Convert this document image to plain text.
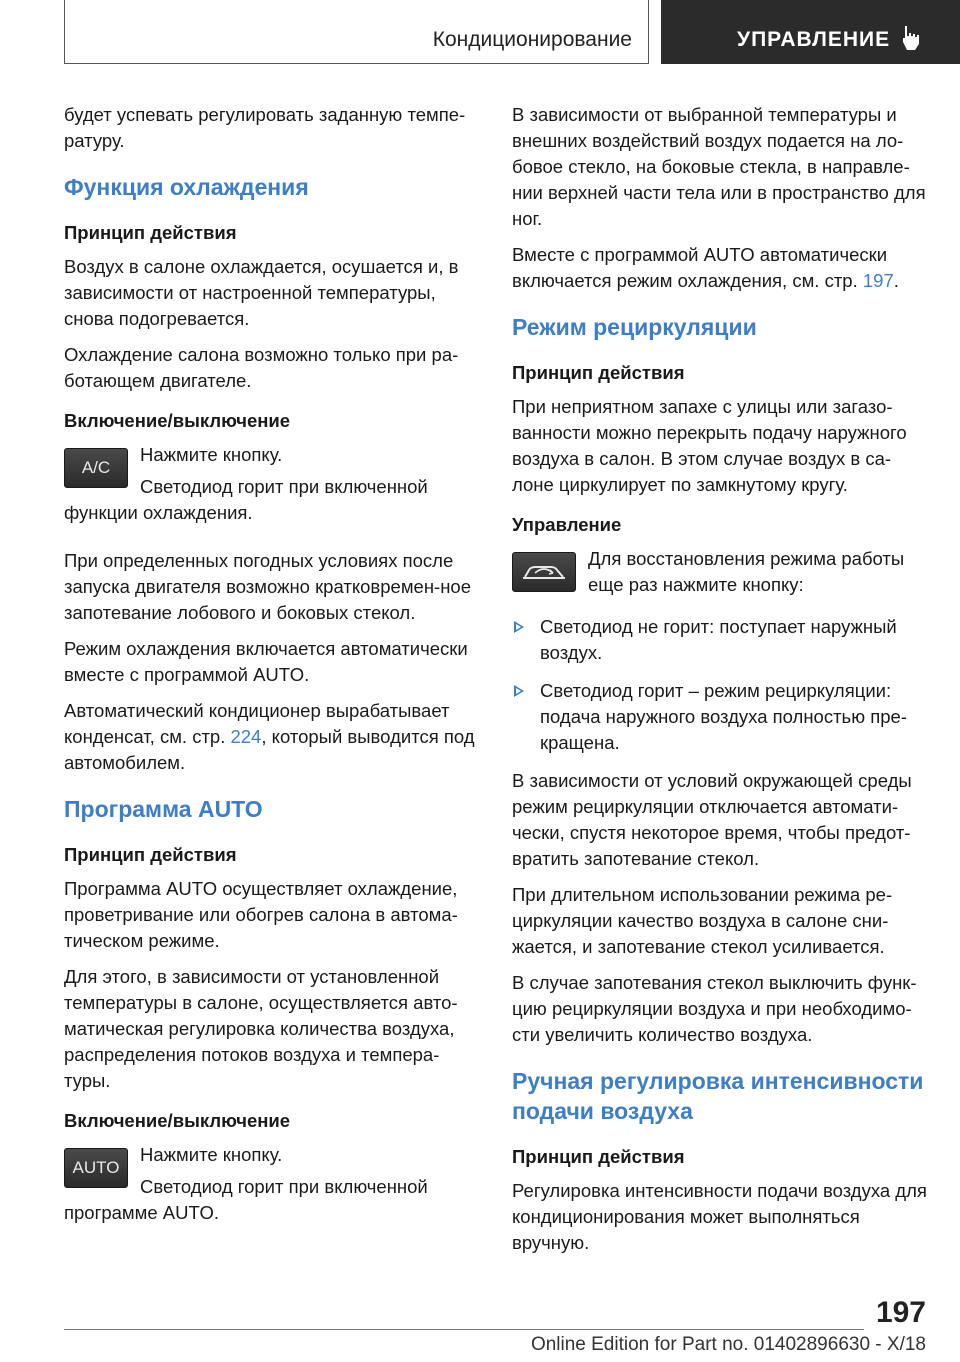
Кондиционирование	УПРАВЛЕНИЕ

будет успевать регулировать заданную темпе-ратуру.

Функция охлаждения
Принцип действия

Воздух в салоне охлаждается, осушается и, в зависимости от настроенной температуры, снова подогревается.

Охлаждение салона возможно только при ра-ботающем двигателе.

Включение/выключение
A/C

Нажмите кнопку.

Светодиод горит при включенной

функции охлаждения.

При определенных погодных условиях после запуска двигателя возможно кратковремен-ное запотевание лобового и боковых стекол.

Режим охлаждения включается автоматически вместе с программой AUTO.

Автоматический кондиционер вырабатывает конденсат, см. стр. 224, который выводится под автомобилем.

Программа AUTO
Принцип действия

Программа AUTO осуществляет охлаждение, проветривание или обогрев салона в автома-тическом режиме.

Для этого, в зависимости от установленной температуры в салоне, осуществляется авто-матическая регулировка количества воздуха, распределения потоков воздуха и темпера-туры.

Включение/выключение
AUTO

Нажмите кнопку.

Светодиод горит при включенной

программе AUTO.

В зависимости от выбранной температуры и внешних воздействий воздух подается на ло-бовое стекло, на боковые стекла, в направле-нии верхней части тела или в пространство для ног.

Вместе с программой AUTO автоматически включается режим охлаждения, см. стр. 197.

Режим рециркуляции
Принцип действия

При неприятном запахе с улицы или загазо-ванности можно перекрыть подачу наружного воздуха в салон. В этом случае воздух в са-лоне циркулирует по замкнутому кругу.

Управление

Для восстановления режима работы еще раз нажмите кнопку:

Светодиод не горит: поступает наружный воздух.
Светодиод горит – режим рециркуляции: подача наружного воздуха полностью пре-кращена.

В зависимости от условий окружающей среды режим рециркуляции отключается автомати-чески, спустя некоторое время, чтобы предот-вратить запотевание стекол.

При длительном использовании режима ре-циркуляции качество воздуха в салоне сни-жается, и запотевание стекол усиливается.

В случае запотевания стекол выключить функ-цию рециркуляции воздуха и при необходимо-сти увеличить количество воздуха.

Ручная регулировка интенсивности подачи воздуха
Принцип действия

Регулировка интенсивности подачи воздуха для кондиционирования может выполняться вручную.

197
Online Edition for Part no. 01402896630 - X/18
